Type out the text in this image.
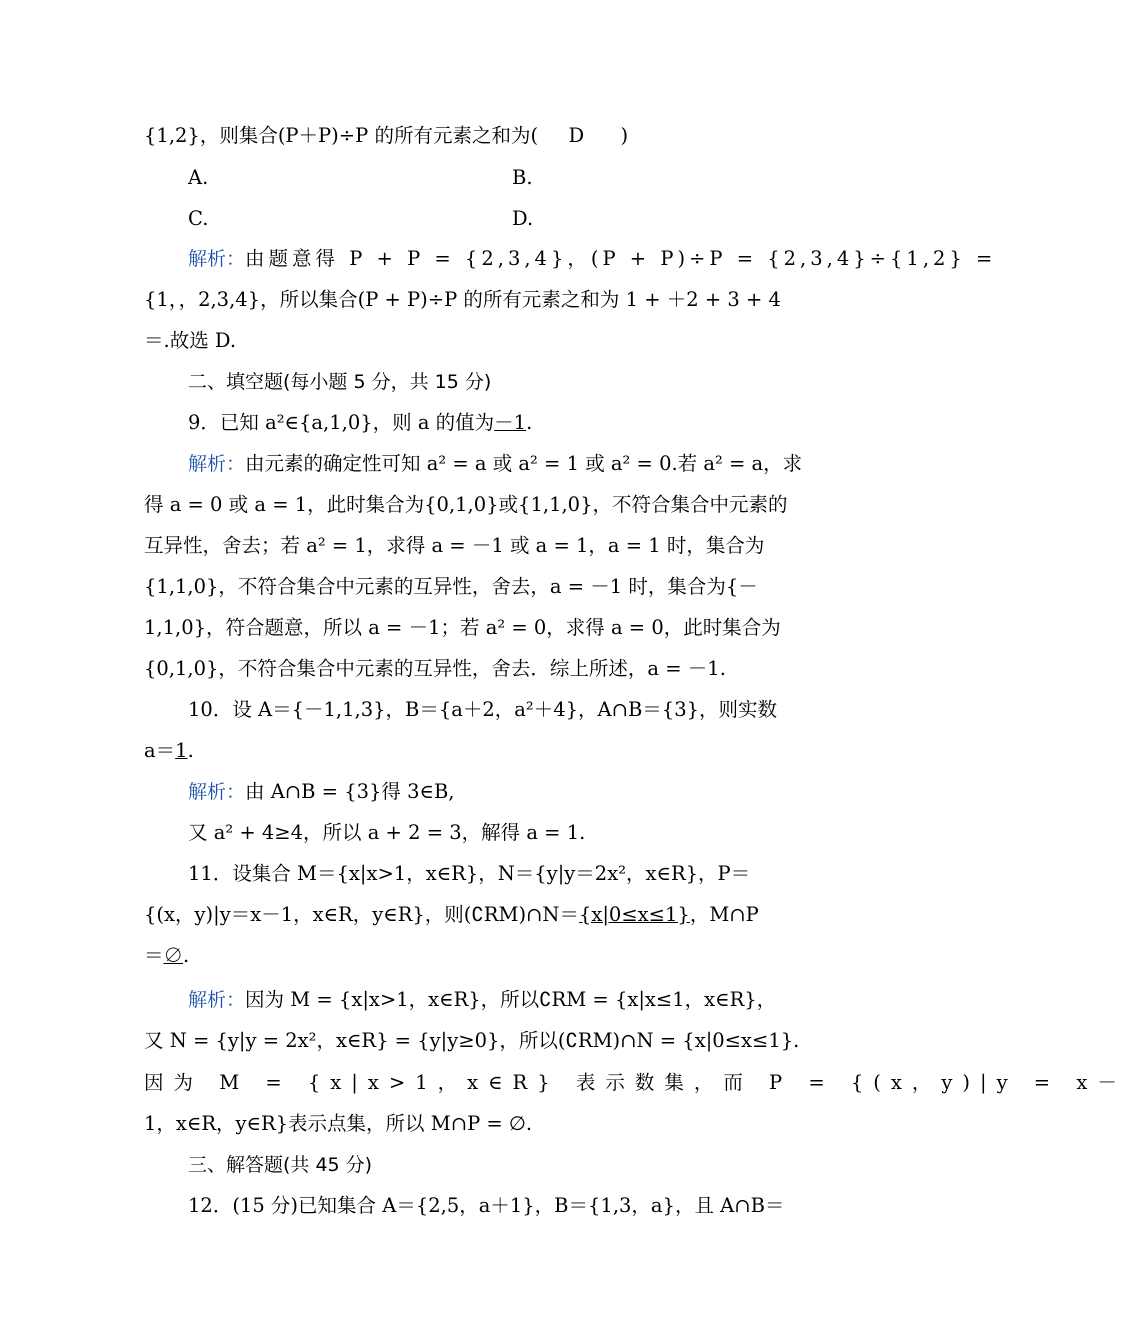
{1,2}，则集合(P＋P)÷P 的所有元素之和为( D )
A.	B.
C.	D.
解析：由题意得 P + P = {2,3,4}，(P + P)÷P = {2,3,4}÷{1,2} =
{1，，2,3,4}，所以集合(P + P)÷P 的所有元素之和为 1 + ＋2 + 3 + 4
＝.故选 D.
二、填空题(每小题 5 分，共 15 分)
9．已知 a²∈{a,1,0}，则 a 的值为－1.
解析：由元素的确定性可知 a² = a 或 a² = 1 或 a² = 0.若 a² = a，求
得 a = 0 或 a = 1，此时集合为{0,1,0}或{1,1,0}，不符合集合中元素的
互异性，舍去；若 a² = 1，求得 a = －1 或 a = 1，a = 1 时，集合为
{1,1,0}，不符合集合中元素的互异性，舍去，a = －1 时，集合为{－
1,1,0}，符合题意，所以 a = －1；若 a² = 0，求得 a = 0，此时集合为
{0,1,0}，不符合集合中元素的互异性，舍去．综上所述，a = －1.
10．设 A＝{－1,1,3}，B＝{a＋2，a²＋4}，A∩B＝{3}，则实数
a＝1.
解析：由 A∩B = {3}得 3∈B,
又 a² + 4≥4，所以 a + 2 = 3，解得 a = 1.
11．设集合 M＝{x|x>1，x∈R}，N＝{y|y＝2x²，x∈R}，P＝
{(x，y)|y＝x－1，x∈R，y∈R}，则(∁RM)∩N＝{x|0≤x≤1}，M∩P
＝∅.
解析：因为 M = {x|x>1，x∈R}，所以∁RM = {x|x≤1，x∈R}，
又 N = {y|y = 2x²，x∈R} = {y|y≥0}，所以(∁RM)∩N = {x|0≤x≤1}.
因为 M = {x|x>1，x∈R} 表示数集，而 P = {(x，y)|y = x－
1，x∈R，y∈R}表示点集，所以 M∩P = ∅.
三、解答题(共 45 分)
12．(15 分)已知集合 A＝{2,5，a＋1}，B＝{1,3，a}，且 A∩B＝
